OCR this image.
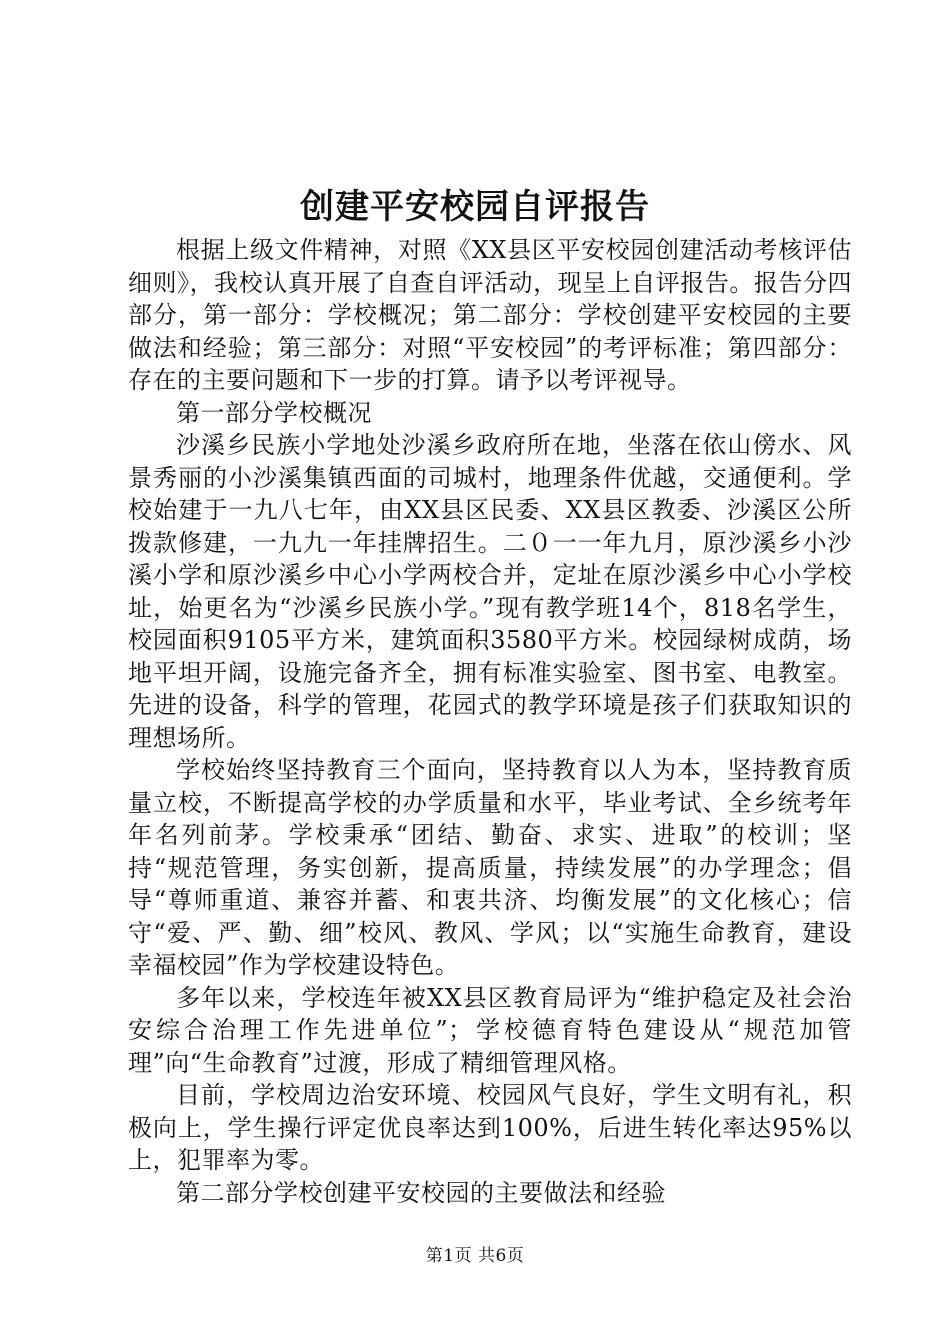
创建平安校园自评报告

根据上级文件精神，对照《XX县区平安校园创建活动考核评估细则》，我校认真开展了自查自评活动，现呈上自评报告。报告分四部分，第一部分：学校概况；第二部分：学校创建平安校园的主要做法和经验；第三部分：对照“平安校园”的考评标准；第四部分：存在的主要问题和下一步的打算。请予以考评视导。

第一部分学校概况

沙溪乡民族小学地处沙溪乡政府所在地，坐落在依山傍水、风景秀丽的小沙溪集镇西面的司城村，地理条件优越，交通便利。学校始建于一九八七年，由XX县区民委、XX县区教委、沙溪区公所拨款修建，一九九一年挂牌招生。二０一一年九月，原沙溪乡小沙溪小学和原沙溪乡中心小学两校合并，定址在原沙溪乡中心小学校址，始更名为“沙溪乡民族小学。”现有教学班14个，818名学生，校园面积9105平方米，建筑面积3580平方米。校园绿树成荫，场地平坦开阔，设施完备齐全，拥有标准实验室、图书室、电教室。先进的设备，科学的管理，花园式的教学环境是孩子们获取知识的理想场所。

学校始终坚持教育三个面向，坚持教育以人为本，坚持教育质量立校，不断提高学校的办学质量和水平，毕业考试、全乡统考年年名列前茅。学校秉承“团结、勤奋、求实、进取”的校训；坚持“规范管理，务实创新，提高质量，持续发展”的办学理念；倡导“尊师重道、兼容并蓄、和衷共济、均衡发展”的文化核心；信守“爱、严、勤、细”校风、教风、学风；以“实施生命教育，建设幸福校园”作为学校建设特色。

多年以来，学校连年被XX县区教育局评为“维护稳定及社会治安综合治理工作先进单位”；学校德育特色建设从“规范加管理”向“生命教育”过渡，形成了精细管理风格。

目前，学校周边治安环境、校园风气良好，学生文明有礼，积极向上，学生操行评定优良率达到100%，后进生转化率达95%以上，犯罪率为零。

第二部分学校创建平安校园的主要做法和经验

第1页 共6页
